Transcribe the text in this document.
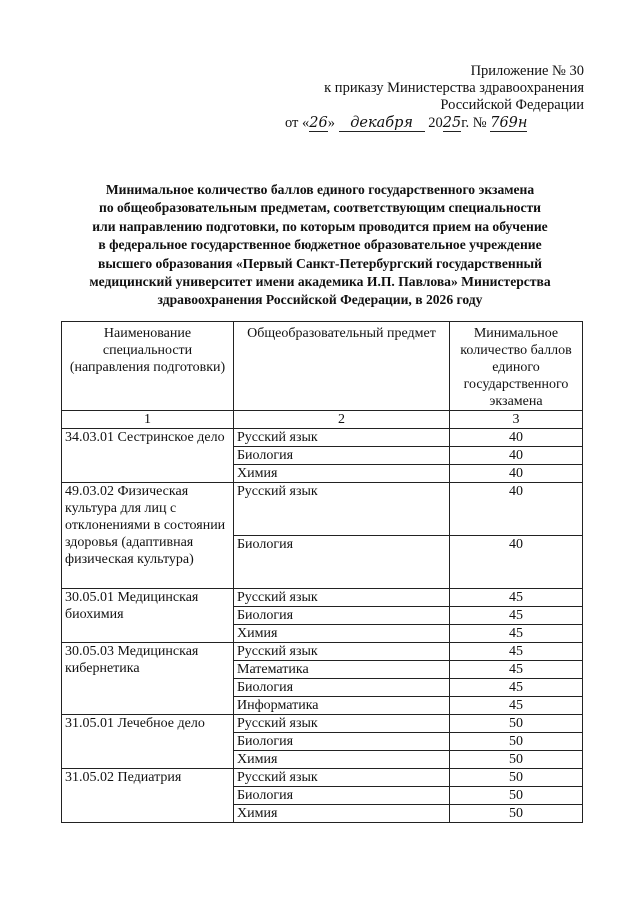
Приложение № 30
к приказу Министерства здравоохранения
Российской Федерации
от «26» декабря 2025г. № 769н
Минимальное количество баллов единого государственного экзамена
по общеобразовательным предметам, соответствующим специальности
или направлению подготовки, по которым проводится прием на обучение
в федеральное государственное бюджетное образовательное учреждение
высшего образования «Первый Санкт-Петербургский государственный
медицинский университет имени академика И.П. Павлова» Министерства
здравоохранения Российской Федерации, в 2026 году
Наименование специальности (направления подготовки)	Общеобразовательный предмет	Минимальное количество баллов единого государственного экзамена
1	2	3
34.03.01 Сестринское дело	Русский язык	40
	Биология	40
	Химия	40
49.03.02 Физическая культура для лиц с отклонениями в состоянии здоровья (адаптивная физическая культура)	Русский язык	40
	Биология	40
30.05.01 Медицинская биохимия	Русский язык	45
	Биология	45
	Химия	45
30.05.03 Медицинская кибернетика	Русский язык	45
	Математика	45
	Биология	45
	Информатика	45
31.05.01 Лечебное дело	Русский язык	50
	Биология	50
	Химия	50
31.05.02 Педиатрия	Русский язык	50
	Биология	50
	Химия	50
